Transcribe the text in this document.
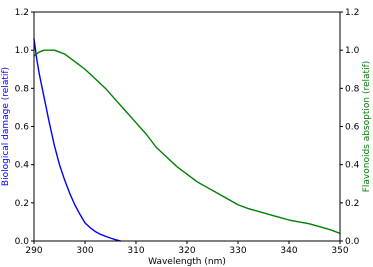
290	300	310	320	330	340	350
0.0
0.2
0.4
0.6
0.8
1.0
1.2
0.0
0.2
0.4
0.6
0.8
1.0
1.2
Wavelength (nm)
Biological damage (relatif)	Flavonoids absoption (relatif)
